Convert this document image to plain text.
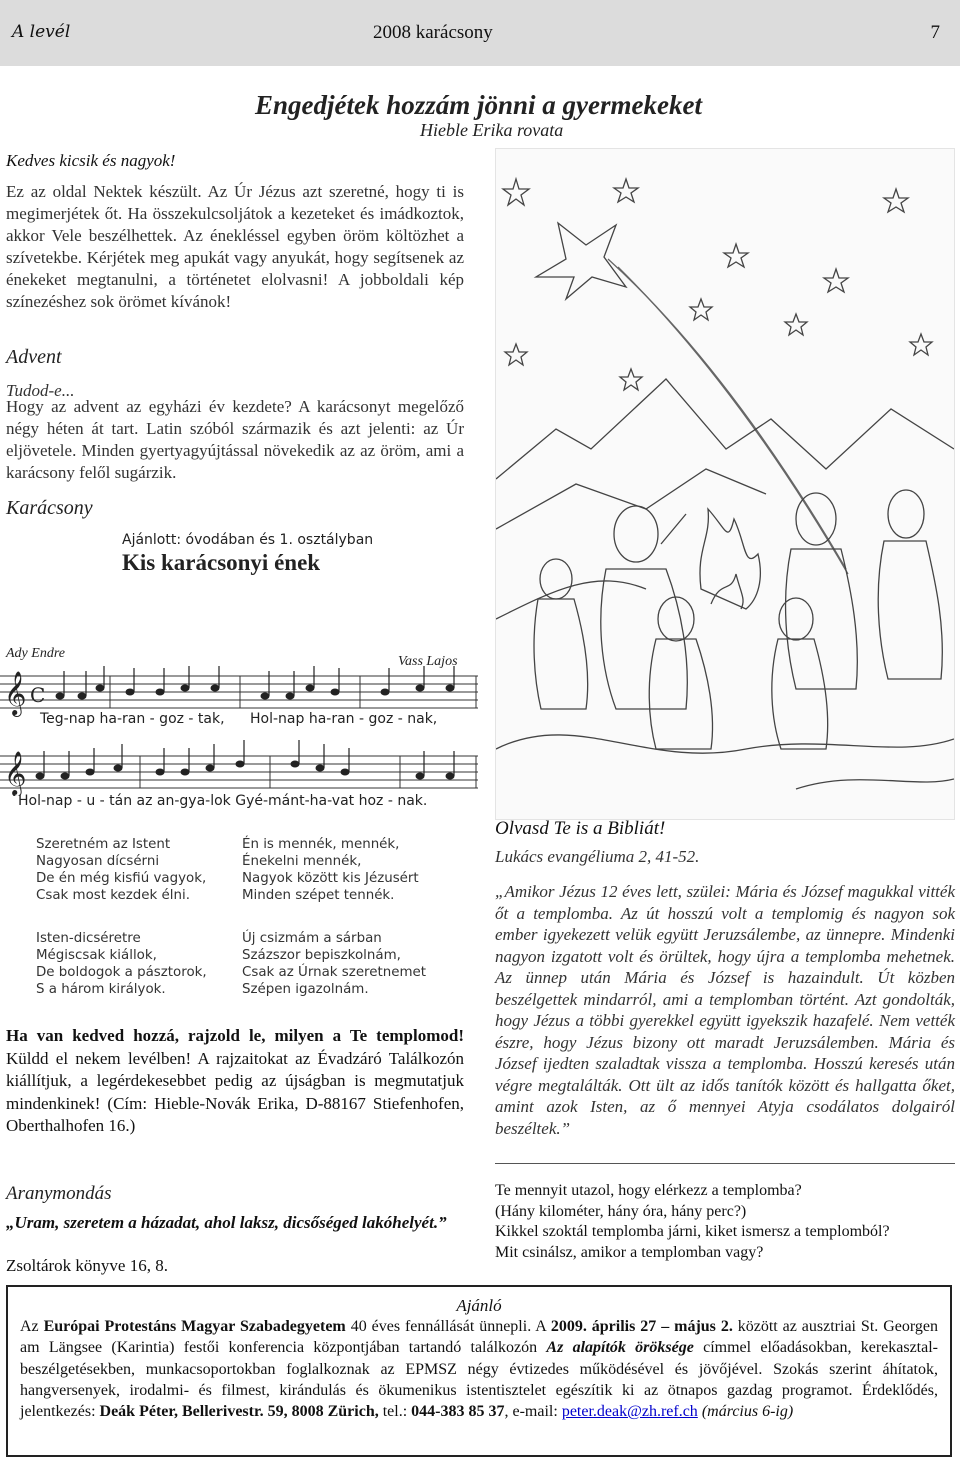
A levél	2008 karácsony	7
Engedjétek hozzám jönni a gyermekeket
Hieble Erika rovata
Kedves kicsik és nagyok!
Ez az oldal Nektek készült. Az Úr Jézus azt szeretné, hogy ti is megimerjétek őt. Ha összekulcsoljátok a kezeteket és imádkoztok, akkor Vele beszélhettek. Az énekléssel egyben öröm költözhet a szívetekbe. Kérjétek meg apukát vagy anyukát, hogy segítsenek az énekeket megtanulni, a történetet elolvasni! A jobboldali kép színezéshez sok örömet kívánok!
Advent
Tudod-e...
Hogy az advent az egyházi év kezdete? A karácsonyt megelőző négy héten át tart. Latin szóból származik és azt jelenti: az Úr eljövetele. Minden gyertyagyújtással növekedik az az öröm, ami a karácsony felől sugárzik.
Karácsony
Ajánlott: óvodában és 1. osztályban
Kis karácsonyi ének
Ady Endre
Vass Lajos
𝄞 C
𝄞
Teg-nap ha-ran - goz - tak, Hol-nap ha-ran - goz - nak,
Hol-nap - u - tán az an-gya-lok Gyé-mánt-ha-vat hoz - nak.
Szeretném az Istent
Nagyosan dícsérni
De én még kisfiú vagyok,
Csak most kezdek élni.
Én is mennék, mennék,
Énekelni mennék,
Nagyok között kis Jézusért
Minden szépet tennék.
Isten-dicséretre
Mégiscsak kiállok,
De boldogok a pásztorok,
S a három királyok.
Új csizmám a sárban
Százszor bepiszkolnám,
Csak az Úrnak szeretnemet
Szépen igazolnám.
Ha van kedved hozzá, rajzold le, milyen a Te templomod! Küldd el nekem levélben! A rajzaitokat az Évadzáró Találkozón kiállítjuk, a legérdekesebbet pedig az újságban is megmutatjuk mindenkinek! (Cím: Hieble-Novák Erika, D-88167 Stiefenhofen, Oberthalhofen 16.)
Aranymondás
„Uram, szeretem a házadat, ahol laksz, dicsőséged lakóhelyét.”
Zsoltárok könyve 16, 8.
Olvasd Te is a Bibliát!
Lukács evangéliuma 2, 41-52.
„Amikor Jézus 12 éves lett, szülei: Mária és József magukkal vitték őt a templomba. Az út hosszú volt a templomig és nagyon sok ember igyekezett velük együtt Jeruzsálembe, az ünnepre. Mindenki nagyon izgatott volt és örültek, hogy újra a templomba mehetnek. Az ünnep után Mária és József is hazaindult. Út közben beszélgettek mindarról, ami a templomban történt. Azt gondolták, hogy Jézus a többi gyerekkel együtt igyekszik hazafelé. Nem vették észre, hogy Jézus bizony ott maradt Jeruzsálemben. Mária és József ijedten szaladtak vissza a templomba. Hosszú keresés után végre megtalálták. Ott ült az idős tanítók között és hallgatta őket, amint azok Isten, az ő mennyei Atyja csodálatos dolgairól beszéltek.”
Te mennyit utazol, hogy elérkezz a templomba?
(Hány kilométer, hány óra, hány perc?)
Kikkel szoktál templomba járni, kiket ismersz a templomból?
Mit csinálsz, amikor a templomban vagy?
Ajánló
Az Európai Protestáns Magyar Szabadegyetem 40 éves fennállását ünnepli. A 2009. április 27 – május 2. között az ausztriai St. Georgen am Längsee (Karintia) festői konferencia központjában tartandó találkozón Az alapítók öröksége címmel előadásokban, kerekasztal-beszélgetésekben, munkacsoportokban foglalkoznak az EPMSZ négy évtizedes működésével és jövőjével. Szokás szerint áhítatok, hangversenyek, irodalmi- és filmest, kirándulás és ökumenikus istentisztelet egészítik ki az ötnapos gazdag programot. Érdeklődés, jelentkezés: Deák Péter, Bellerivestr. 59, 8008 Zürich, tel.: 044-383 85 37, e-mail: peter.deak@zh.ref.ch (március 6-ig)
